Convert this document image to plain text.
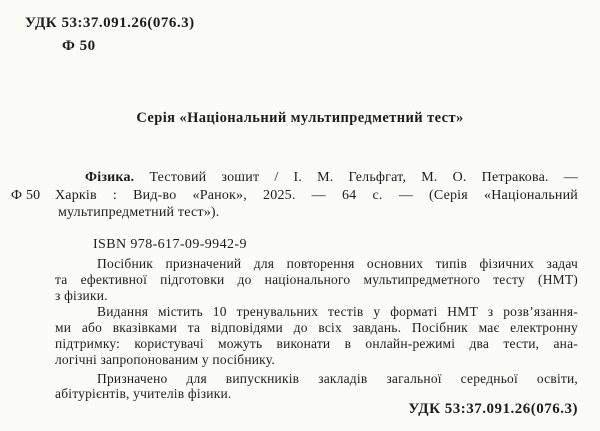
УДК 53:37.091.26(076.3)
Ф 50
Серія «Національний мультипредметний тест»
Фізика. Тестовий зошит / І. М. Гельфгат, М. О. Петракова. —
Ф 50 Харків : Вид-во «Ранок», 2025. — 64 с. — (Серія «Національний
мультипредметний тест»).
ISBN 978-617-09-9942-9
Посібник призначений для повторення основних типів фізичних задач
та ефективної підготовки до національного мультипредметного тесту (НМТ)
з фізики.
Видання містить 10 тренувальних тестів у форматі НМТ з розв’язання-
ми або вказівками та відповідями до всіх завдань. Посібник має електронну
підтримку: користувачі можуть виконати в онлайн-режимі два тести, ана-
логічні запропонованим у посібнику.
Призначено для випускників закладів загальної середньої освіти,
абітурієнтів, учителів фізики.
УДК 53:37.091.26(076.3)
